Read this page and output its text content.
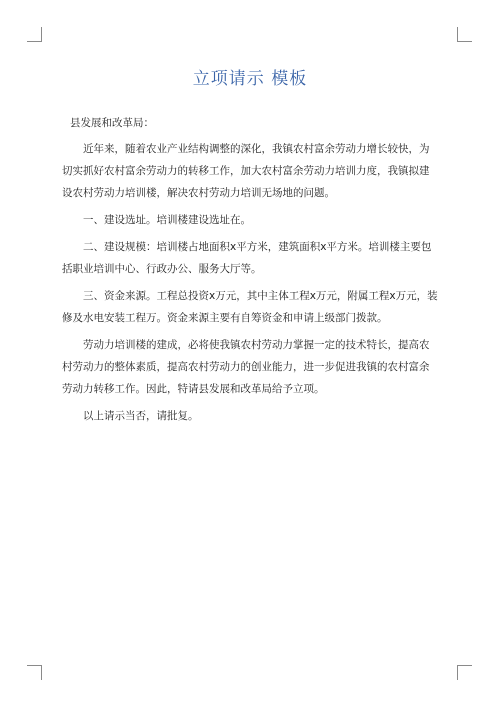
立项请示 模板

县发展和改革局：

近年来，随着农业产业结构调整的深化，我镇农村富余劳动力增长较快，为切实抓好农村富余劳动力的转移工作，加大农村富余劳动力培训力度，我镇拟建设农村劳动力培训楼，解决农村劳动力培训无场地的问题。

一、建设选址。培训楼建设选址在。

二、建设规模：培训楼占地面积x平方米，建筑面积x平方米。培训楼主要包括职业培训中心、行政办公、服务大厅等。

三、资金来源。工程总投资x万元，其中主体工程x万元，附属工程x万元，装修及水电安装工程万。资金来源主要有自筹资金和申请上级部门拨款。

劳动力培训楼的建成，必将使我镇农村劳动力掌握一定的技术特长，提高农村劳动力的整体素质，提高农村劳动力的创业能力，进一步促进我镇的农村富余劳动力转移工作。因此，特请县发展和改革局给予立项。

以上请示当否，请批复。
